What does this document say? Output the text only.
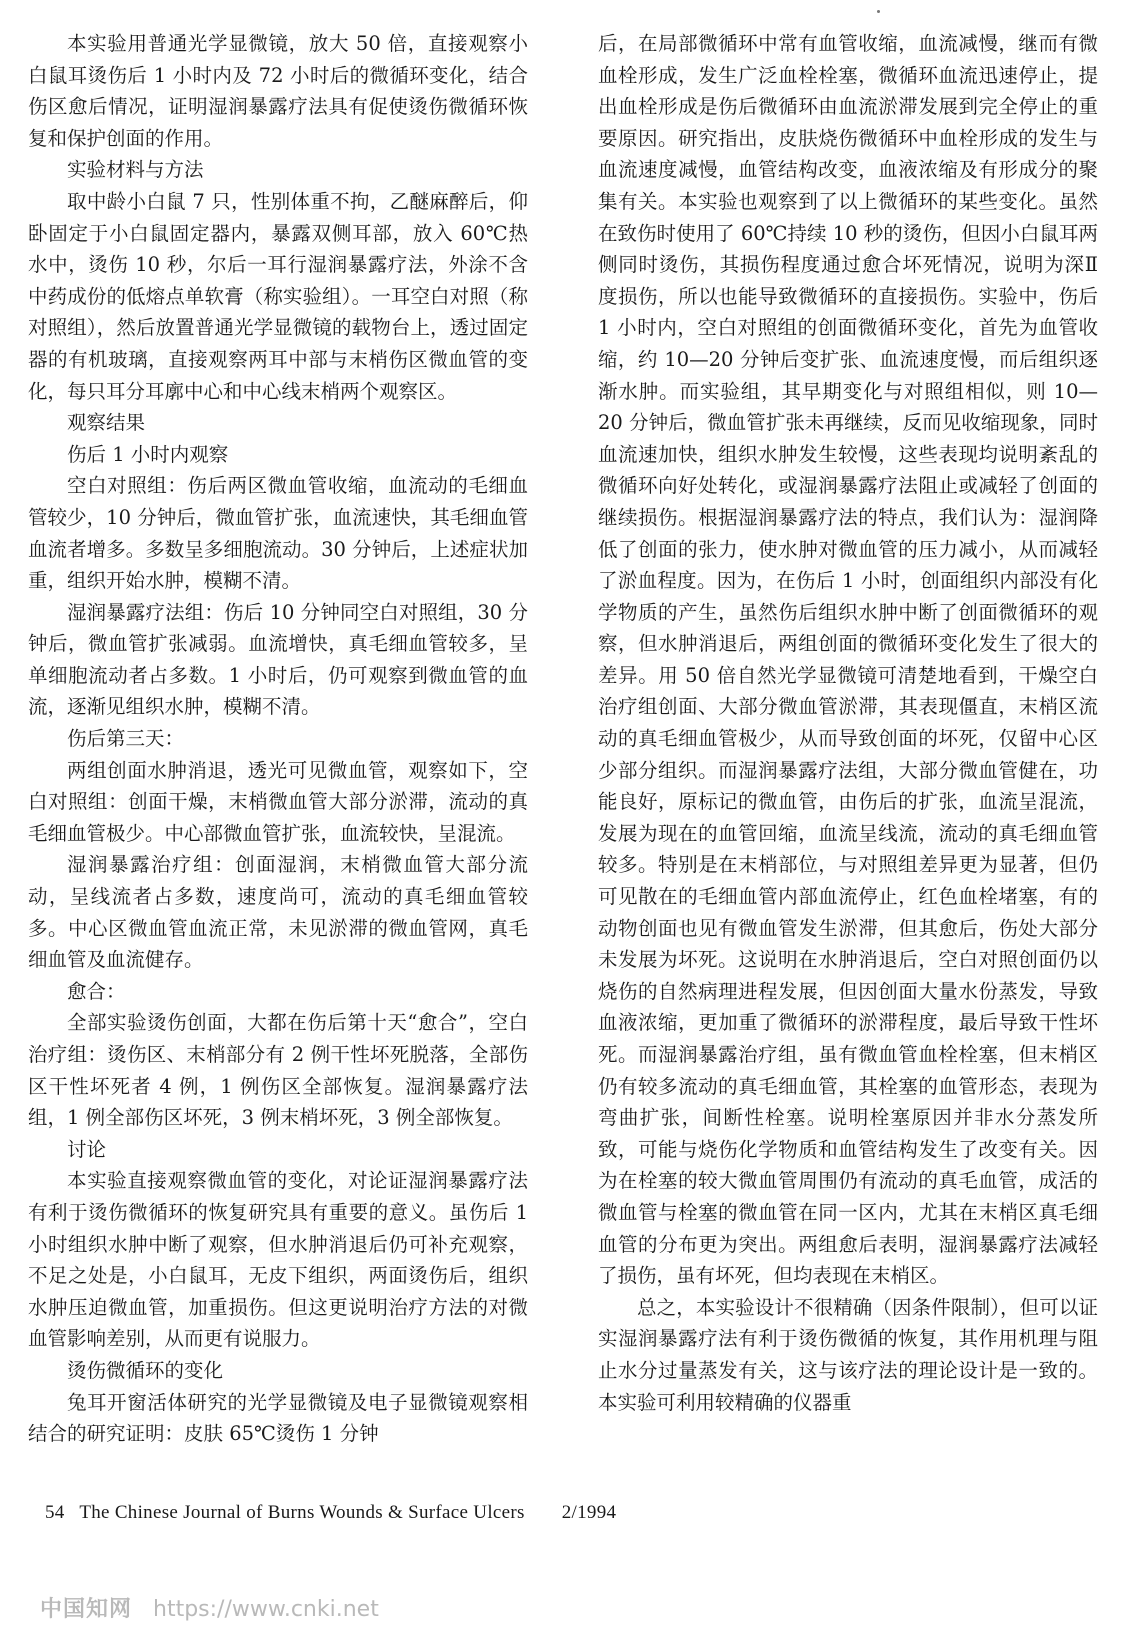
本实验用普通光学显微镜，放大 50 倍，直接观察小白鼠耳烫伤后 1 小时内及 72 小时后的微循环变化，结合伤区愈后情况，证明湿润暴露疗法具有促使烫伤微循环恢复和保护创面的作用。

实验材料与方法

取中龄小白鼠 7 只，性别体重不拘，乙醚麻醉后，仰卧固定于小白鼠固定器内，暴露双侧耳部，放入 60℃热水中，烫伤 10 秒，尔后一耳行湿润暴露疗法，外涂不含中药成份的低熔点单软膏（称实验组）。一耳空白对照（称对照组），然后放置普通光学显微镜的载物台上，透过固定器的有机玻璃，直接观察两耳中部与末梢伤区微血管的变化，每只耳分耳廓中心和中心线末梢两个观察区。

观察结果
伤后 1 小时内观察

空白对照组：伤后两区微血管收缩，血流动的毛细血管较少，10 分钟后，微血管扩张，血流速快，其毛细血管血流者增多。多数呈多细胞流动。30 分钟后，上述症状加重，组织开始水肿，模糊不清。

湿润暴露疗法组：伤后 10 分钟同空白对照组，30 分钟后，微血管扩张减弱。血流增快，真毛细血管较多，呈单细胞流动者占多数。1 小时后，仍可观察到微血管的血流，逐渐见组织水肿，模糊不清。

伤后第三天：

两组创面水肿消退，透光可见微血管，观察如下，空白对照组：创面干燥，末梢微血管大部分淤滞，流动的真毛细血管极少。中心部微血管扩张，血流较快，呈混流。

湿润暴露治疗组：创面湿润，末梢微血管大部分流动，呈线流者占多数，速度尚可，流动的真毛细血管较多。中心区微血管血流正常，未见淤滞的微血管网，真毛细血管及血流健存。

愈合：

全部实验烫伤创面，大都在伤后第十天“愈合”，空白治疗组：烫伤区、末梢部分有 2 例干性坏死脱落，全部伤区干性坏死者 4 例，1 例伤区全部恢复。湿润暴露疗法组，1 例全部伤区坏死，3 例末梢坏死，3 例全部恢复。

讨论

本实验直接观察微血管的变化，对论证湿润暴露疗法有利于烫伤微循环的恢复研究具有重要的意义。虽伤后 1 小时组织水肿中断了观察，但水肿消退后仍可补充观察，不足之处是，小白鼠耳，无皮下组织，两面烫伤后，组织水肿压迫微血管，加重损伤。但这更说明治疗方法的对微血管影响差别，从而更有说服力。

烫伤微循环的变化

兔耳开窗活体研究的光学显微镜及电子显微镜观察相结合的研究证明：皮肤 65℃烫伤 1 分钟

后，在局部微循环中常有血管收缩，血流减慢，继而有微血栓形成，发生广泛血栓栓塞，微循环血流迅速停止，提出血栓形成是伤后微循环由血流淤滞发展到完全停止的重要原因。研究指出，皮肤烧伤微循环中血栓形成的发生与血流速度减慢，血管结构改变，血液浓缩及有形成分的聚集有关。本实验也观察到了以上微循环的某些变化。虽然在致伤时使用了 60℃持续 10 秒的烫伤，但因小白鼠耳两侧同时烫伤，其损伤程度通过愈合坏死情况，说明为深Ⅱ度损伤，所以也能导致微循环的直接损伤。实验中，伤后 1 小时内，空白对照组的创面微循环变化，首先为血管收缩，约 10—20 分钟后变扩张、血流速度慢，而后组织逐渐水肿。而实验组，其早期变化与对照组相似，则 10—20 分钟后，微血管扩张未再继续，反而见收缩现象，同时血流速加快，组织水肿发生较慢，这些表现均说明紊乱的微循环向好处转化，或湿润暴露疗法阻止或减轻了创面的继续损伤。根据湿润暴露疗法的特点，我们认为：湿润降低了创面的张力，使水肿对微血管的压力减小，从而减轻了淤血程度。因为，在伤后 1 小时，创面组织内部没有化学物质的产生，虽然伤后组织水肿中断了创面微循环的观察，但水肿消退后，两组创面的微循环变化发生了很大的差异。用 50 倍自然光学显微镜可清楚地看到，干燥空白治疗组创面、大部分微血管淤滞，其表现僵直，末梢区流动的真毛细血管极少，从而导致创面的坏死，仅留中心区少部分组织。而湿润暴露疗法组，大部分微血管健在，功能良好，原标记的微血管，由伤后的扩张，血流呈混流，发展为现在的血管回缩，血流呈线流，流动的真毛细血管较多。特别是在末梢部位，与对照组差异更为显著，但仍可见散在的毛细血管内部血流停止，红色血栓堵塞，有的动物创面也见有微血管发生淤滞，但其愈后，伤处大部分未发展为坏死。这说明在水肿消退后，空白对照创面仍以烧伤的自然病理进程发展，但因创面大量水份蒸发，导致血液浓缩，更加重了微循环的淤滞程度，最后导致干性坏死。而湿润暴露治疗组，虽有微血管血栓栓塞，但末梢区仍有较多流动的真毛细血管，其栓塞的血管形态，表现为弯曲扩张，间断性栓塞。说明栓塞原因并非水分蒸发所致，可能与烧伤化学物质和血管结构发生了改变有关。因为在栓塞的较大微血管周围仍有流动的真毛血管，成活的微血管与栓塞的微血管在同一区内，尤其在末梢区真毛细血管的分布更为突出。两组愈后表明，湿润暴露疗法减轻了损伤，虽有坏死，但均表现在末梢区。

总之，本实验设计不很精确（因条件限制），但可以证实湿润暴露疗法有利于烫伤微循的恢复，其作用机理与阻止水分过量蒸发有关，这与该疗法的理论设计是一致的。本实验可利用较精确的仪器重

54 The Chinese Journal of Burns Wounds & Surface Ulcers 2/1994
中国知网 https://www.cnki.net
